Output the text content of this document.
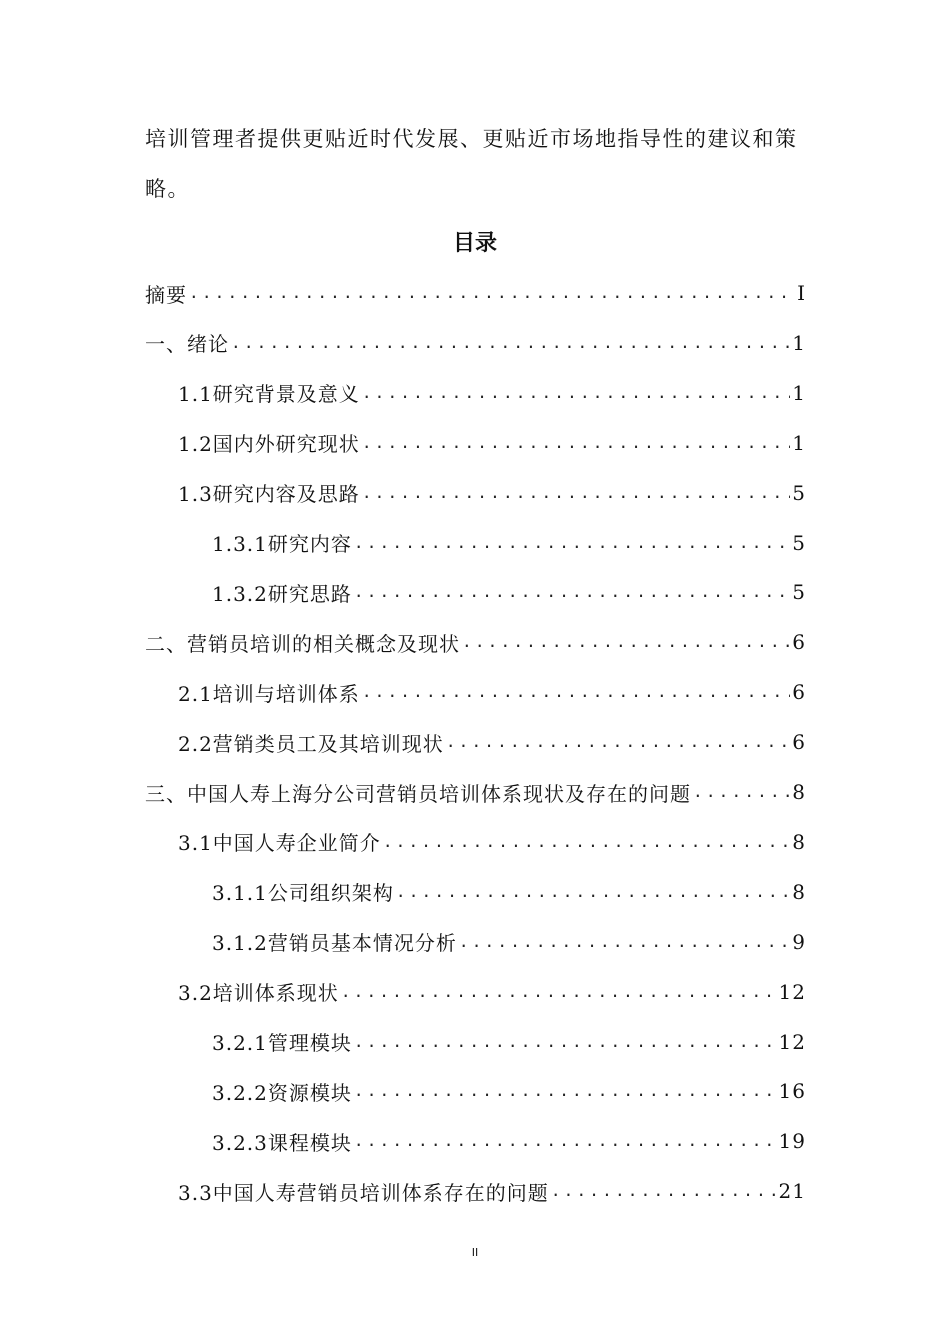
培训管理者提供更贴近时代发展、更贴近市场地指导性的建议和策
略。
目录
摘要 .....	I
一、绪论 .....	1
1.1研究背景及意义 .....	1
1.2国内外研究现状 .....	1
1.3研究内容及思路 .....	5
1.3.1研究内容 .....	5
1.3.2研究思路 .....	5
二、营销员培训的相关概念及现状 .....	6
2.1培训与培训体系 .....	6
2.2营销类员工及其培训现状 .....	6
三、中国人寿上海分公司营销员培训体系现状及存在的问题 .....	8
3.1中国人寿企业简介 .....	8
3.1.1公司组织架构 .....	8
3.1.2营销员基本情况分析 .....	9
3.2培训体系现状 .....	12
3.2.1管理模块 .....	12
3.2.2资源模块 .....	16
3.2.3课程模块 .....	19
3.3中国人寿营销员培训体系存在的问题 .....	21
II
